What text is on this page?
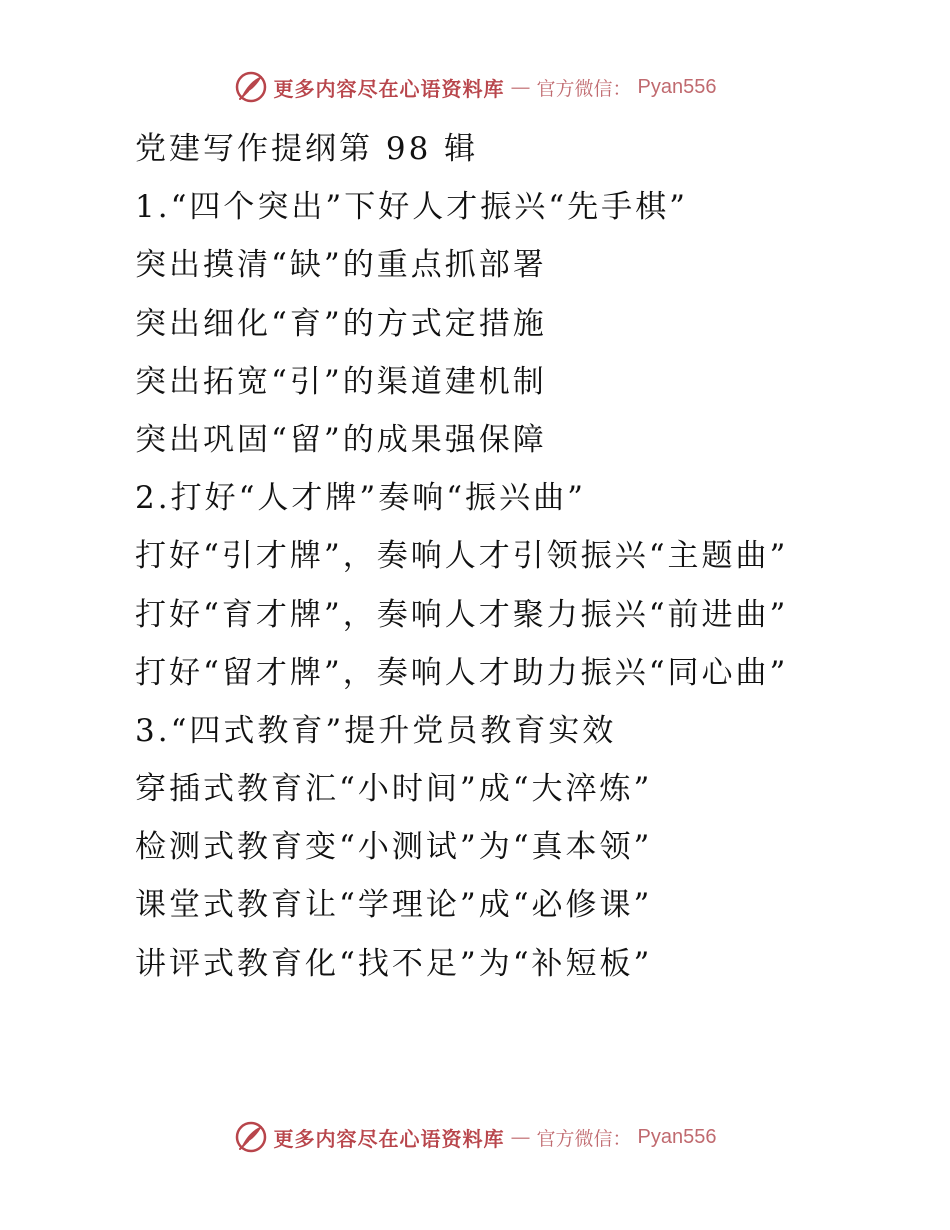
更多内容尽在心语资料库 — 官方微信： Pyan556
党建写作提纲第 98 辑
1.“四个突出”下好人才振兴“先手棋”
突出摸清“缺”的重点抓部署
突出细化“育”的方式定措施
突出拓宽“引”的渠道建机制
突出巩固“留”的成果强保障
2.打好“人才牌”奏响“振兴曲”
打好“引才牌”，奏响人才引领振兴“主题曲”
打好“育才牌”，奏响人才聚力振兴“前进曲”
打好“留才牌”，奏响人才助力振兴“同心曲”
3.“四式教育”提升党员教育实效
穿插式教育汇“小时间”成“大淬炼”
检测式教育变“小测试”为“真本领”
课堂式教育让“学理论”成“必修课”
讲评式教育化“找不足”为“补短板”
更多内容尽在心语资料库 — 官方微信： Pyan556
